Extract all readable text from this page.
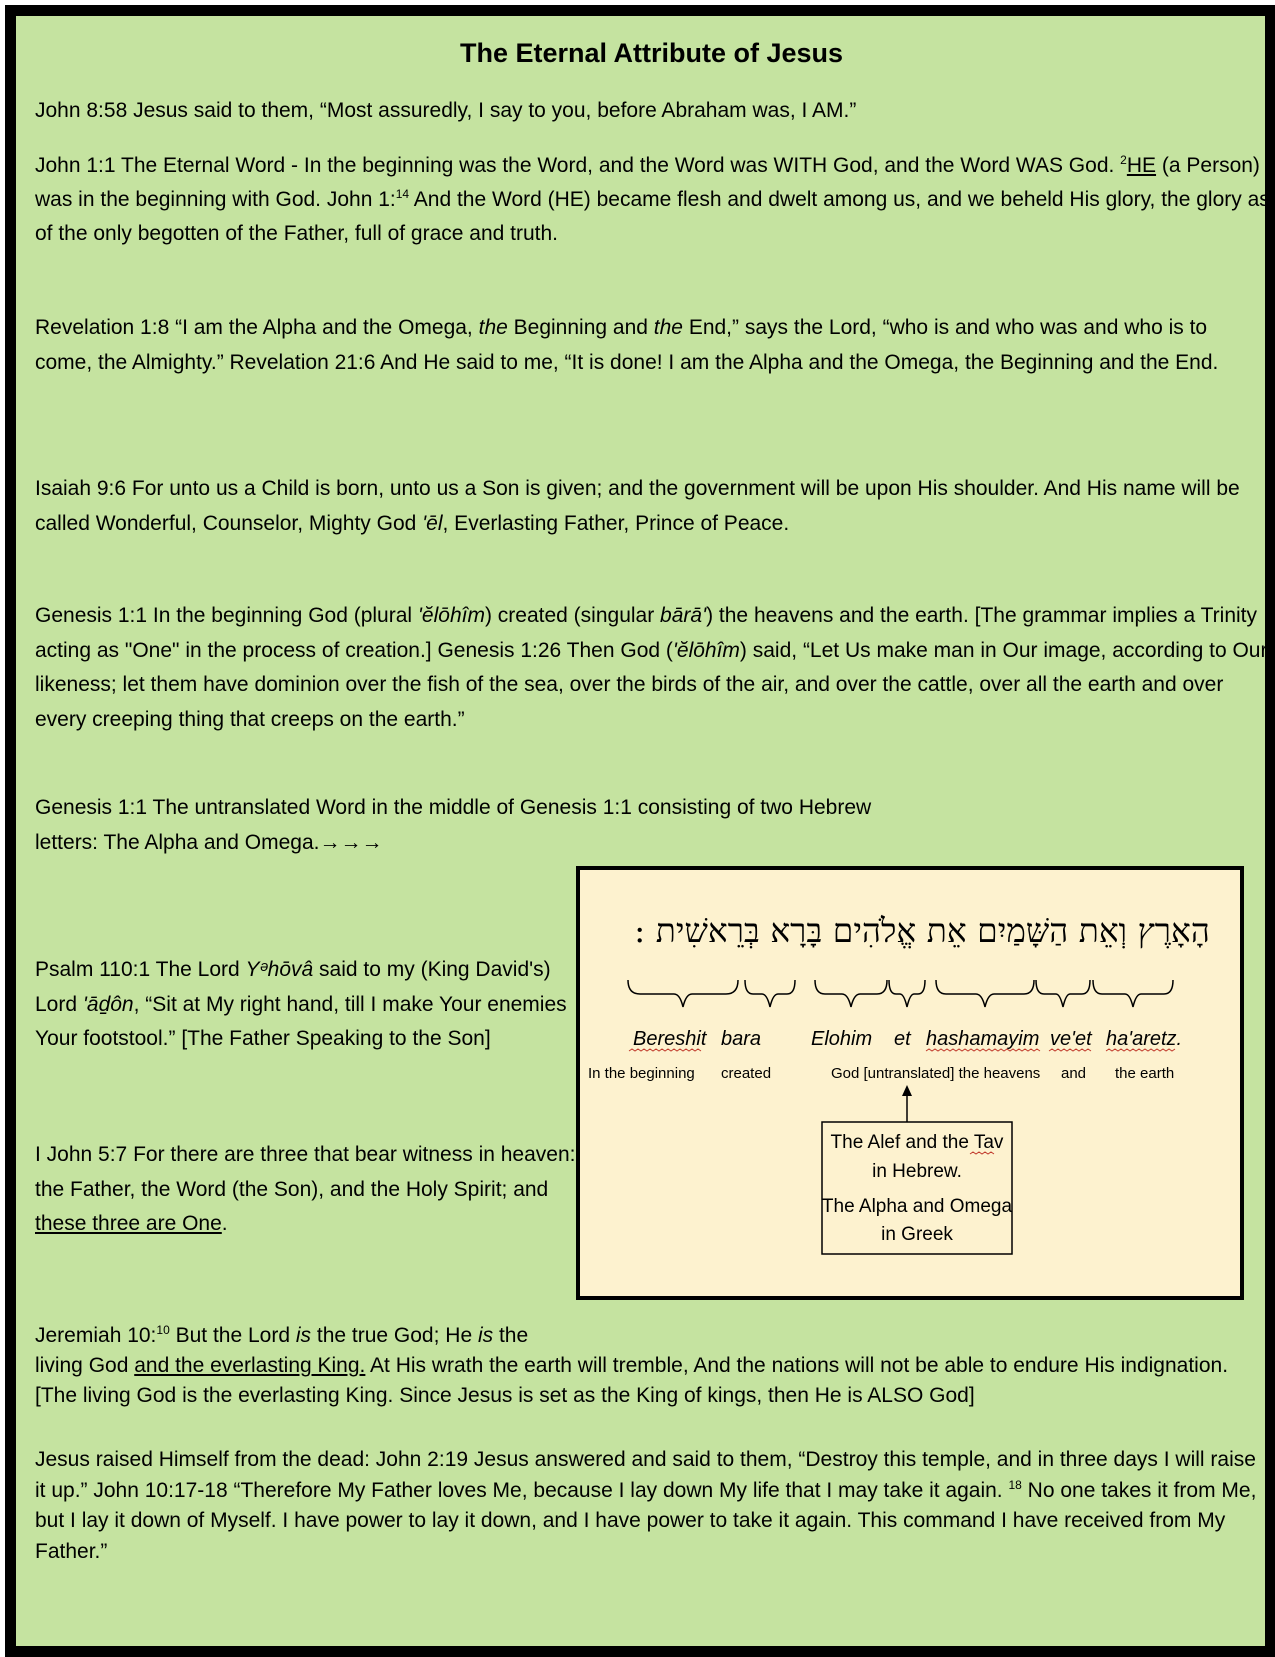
The Eternal Attribute of Jesus

John 8:58 Jesus said to them, “Most assuredly, I say to you, before Abraham was, I AM.”

John 1:1 The Eternal Word - In the beginning was the Word, and the Word was WITH God, and the Word WAS God. $^2$HE (a Person) was in the beginning with God. John 1:$^{14}$ And the Word (HE) became flesh and dwelt among us, and we beheld His glory, the glory as of the only begotten of the Father, full of grace and truth.

Revelation 1:8 “I am the Alpha and the Omega, the Beginning and the End,” says the Lord, “who is and who was and who is to come, the Almighty.” Revelation 21:6 And He said to me, “It is done! I am the Alpha and the Omega, the Beginning and the End.

Isaiah 9:6 For unto us a Child is born, unto us a Son is given; and the government will be upon His shoulder. And His name will be called Wonderful, Counselor, Mighty God 'ēl, Everlasting Father, Prince of Peace.

Genesis 1:1 In the beginning God (plural 'ĕlōhîm) created (singular bārā') the heavens and the earth. [The grammar implies a Trinity acting as "One" in the process of creation.] Genesis 1:26 Then God ('ĕlōhîm) said, “Let Us make man in Our image, according to Our likeness; let them have dominion over the fish of the sea, over the birds of the air, and over the cattle, over all the earth and over every creeping thing that creeps on the earth.”

Genesis 1:1 The untranslated Word in the middle of Genesis 1:1 consisting of two Hebrew letters: The Alpha and Omega.→→→

Psalm 110:1 The Lord Yᵊhōvâ said to my (King David's) Lord 'āḏôn, “Sit at My right hand, till I make Your enemies Your footstool.” [The Father Speaking to the Son]

I John 5:7 For there are three that bear witness in heaven: the Father, the Word (the Son), and the Holy Spirit; and these three are One.

Jeremiah 10:$^{10}$ But the Lord is the true God; He is the
living God and the everlasting King. At His wrath the earth will tremble, And the nations will not be able to endure His indignation. [The living God is the everlasting King. Since Jesus is set as the King of kings, then He is ALSO God]

Jesus raised Himself from the dead: John 2:19 Jesus answered and said to them, “Destroy this temple, and in three days I will raise it up.” John 10:17-18 “Therefore My Father loves Me, because I lay down My life that I may take it again. $^{18}$ No one takes it from Me, but I lay it down of Myself. I have power to lay it down, and I have power to take it again. This command I have received from My Father.”

הָאָרֶץ וְאֵת הַשָּׁמַיִם אֵת אֱלֹהִים בָּרָא בְּרֵאשִׁית :
Bereshit bara Elohim et hashamayim ve'et ha'aretz.
In the beginning created	God [untranslated] the heavens and the earth
The Alef and the Tav
in Hebrew.
The Alpha and Omega
in Greek
